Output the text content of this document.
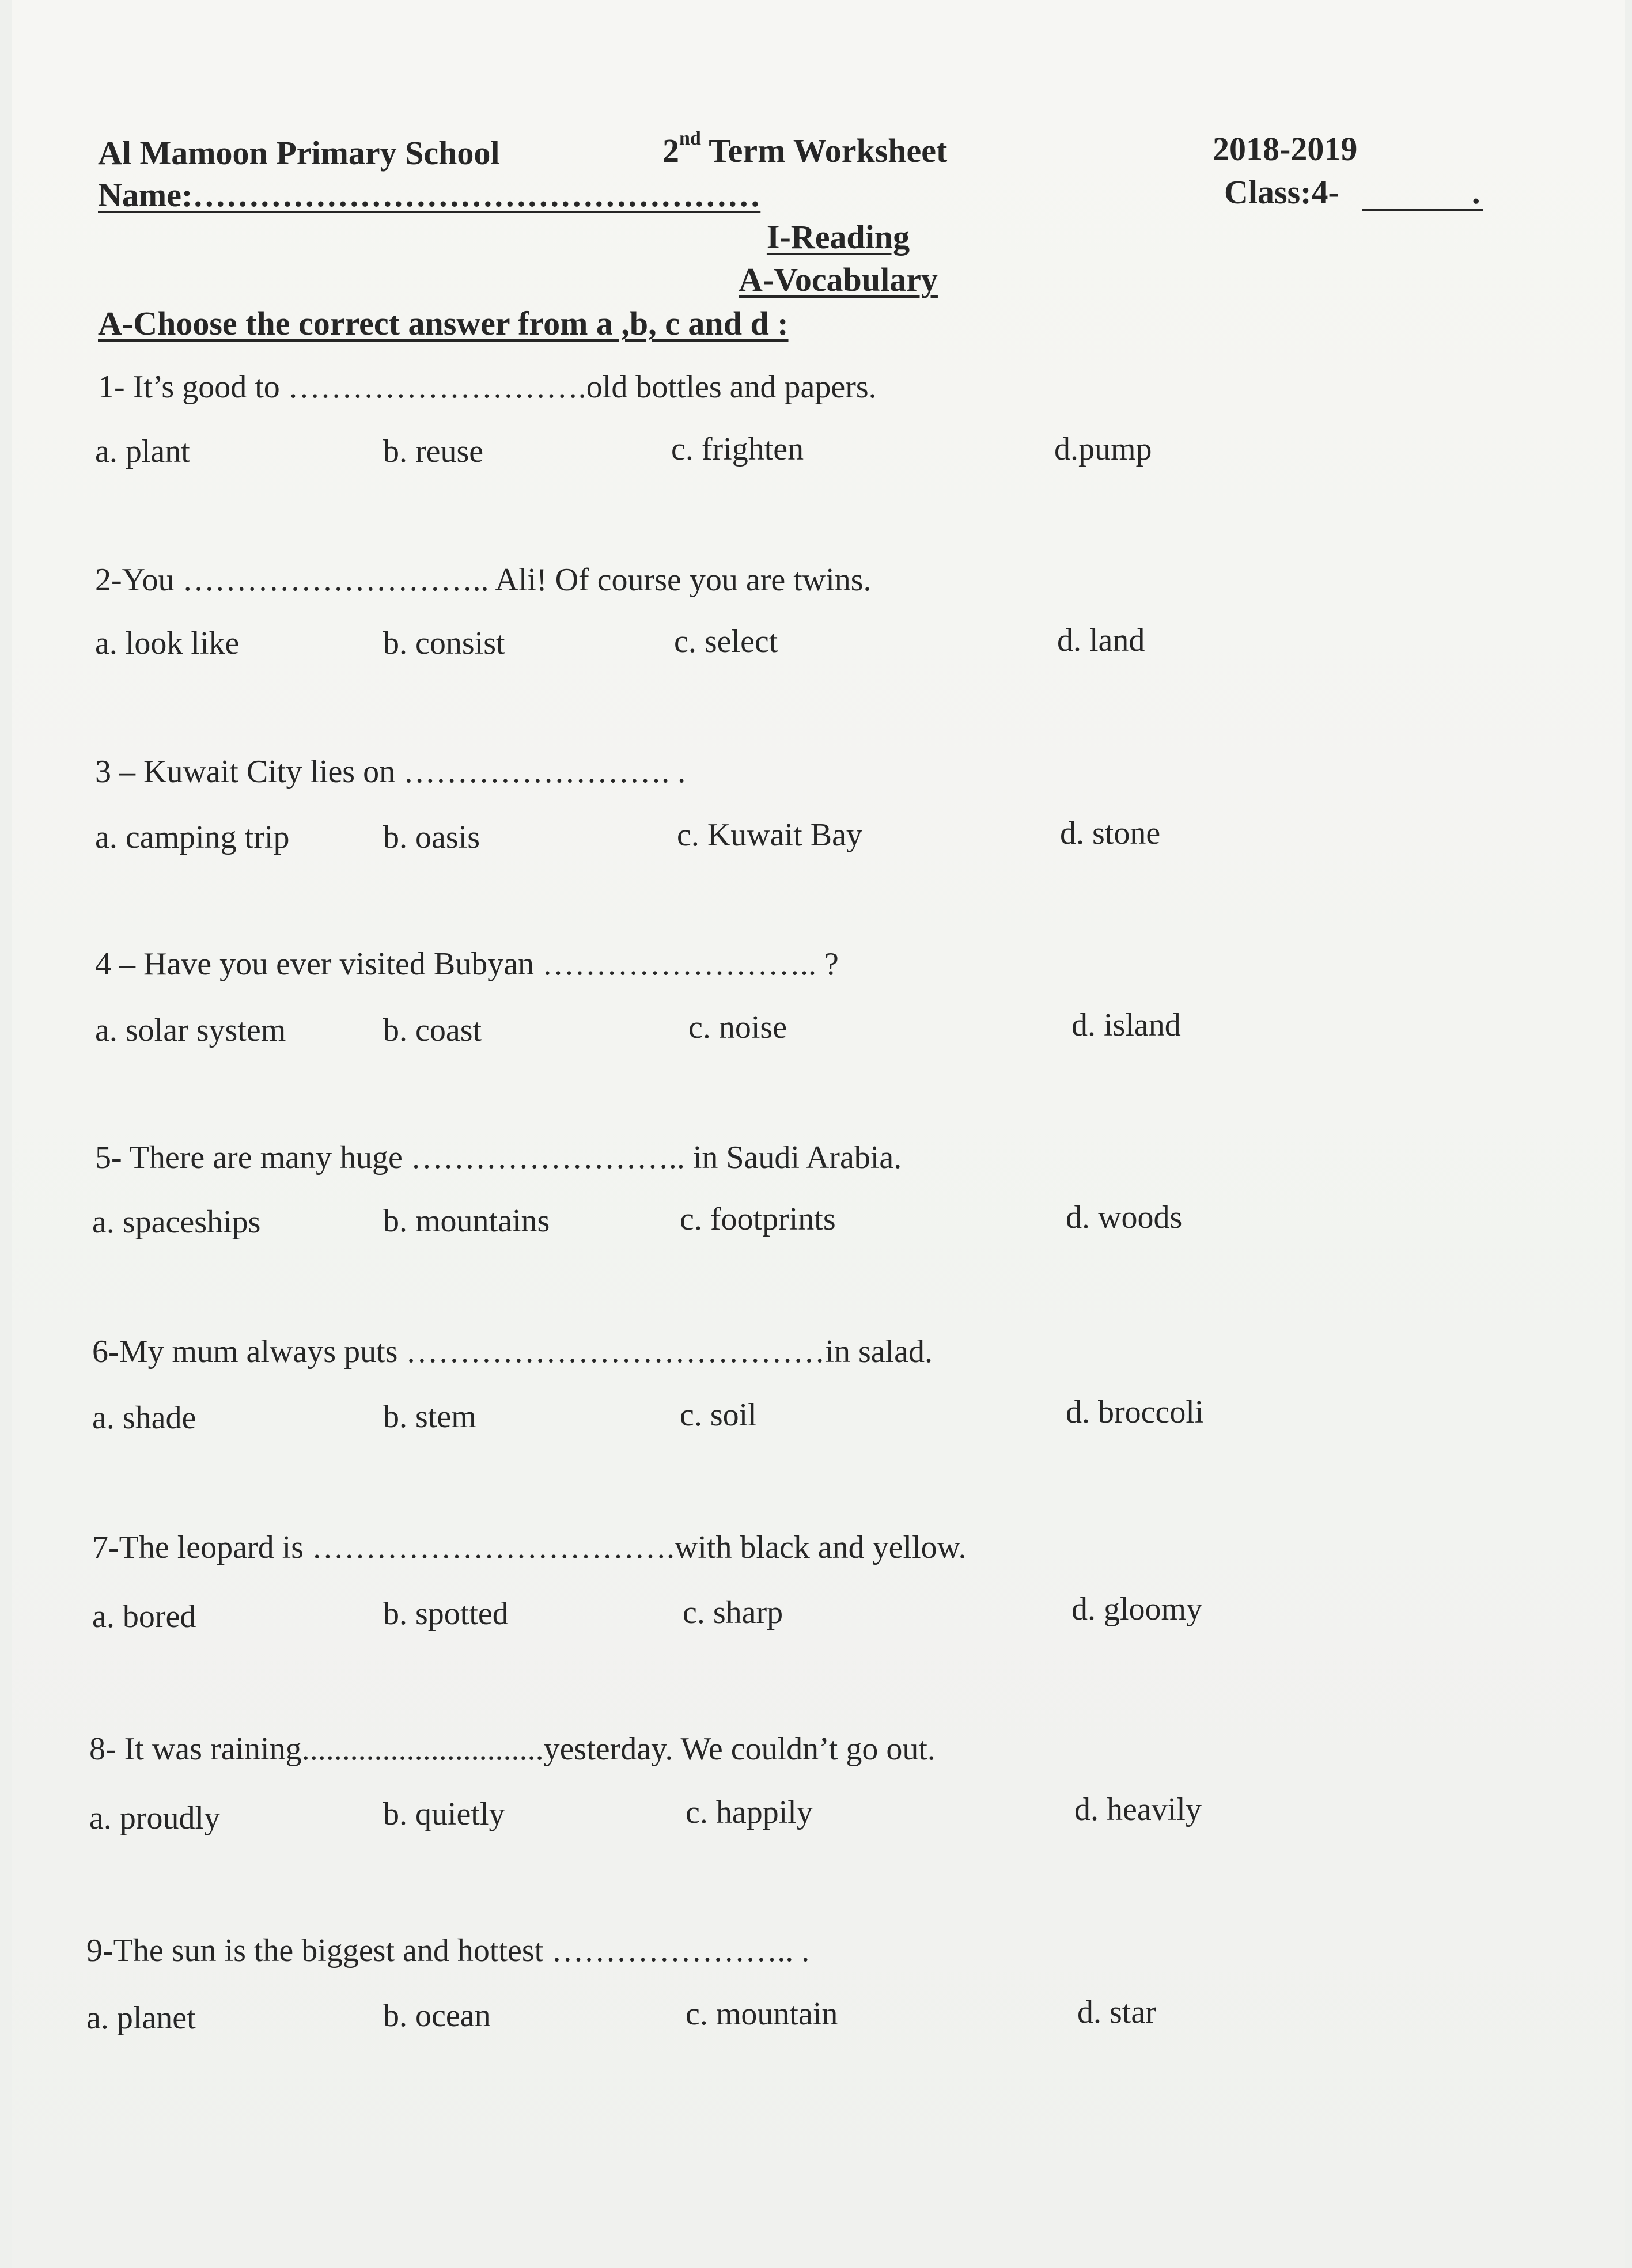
Al Mamoon Primary School	2nd Term Worksheet	2018-2019
Name:……………………………………………	Class:4-	.
I-Reading
A-Vocabulary
A-Choose the correct answer from a ,b, c and d :
1- It’s good to ……………………….old bottles and papers.
a. plant	b. reuse	c. frighten	d.pump
2-You ……………………….. Ali! Of course you are twins.
a. look like	b. consist	c. select	d. land
3 – Kuwait City lies on ……………………. .
a. camping trip	b. oasis	c. Kuwait Bay	d. stone
4 – Have you ever visited Bubyan …………………….. ?
a. solar system	b. coast	c. noise	d. island
5- There are many huge …………………….. in Saudi Arabia.
a. spaceships	b. mountains	c. footprints	d. woods
6-My mum always puts …………………………………in salad.
a. shade	b. stem	c. soil	d. broccoli
7-The leopard is …………………………….with black and yellow.
a. bored	b. spotted	c. sharp	d. gloomy
8- It was raining..............................yesterday. We couldn’t go out.
a. proudly	b. quietly	c. happily	d. heavily
9-The sun is the biggest and hottest ………………….. .
a. planet	b. ocean	c. mountain	d. star
